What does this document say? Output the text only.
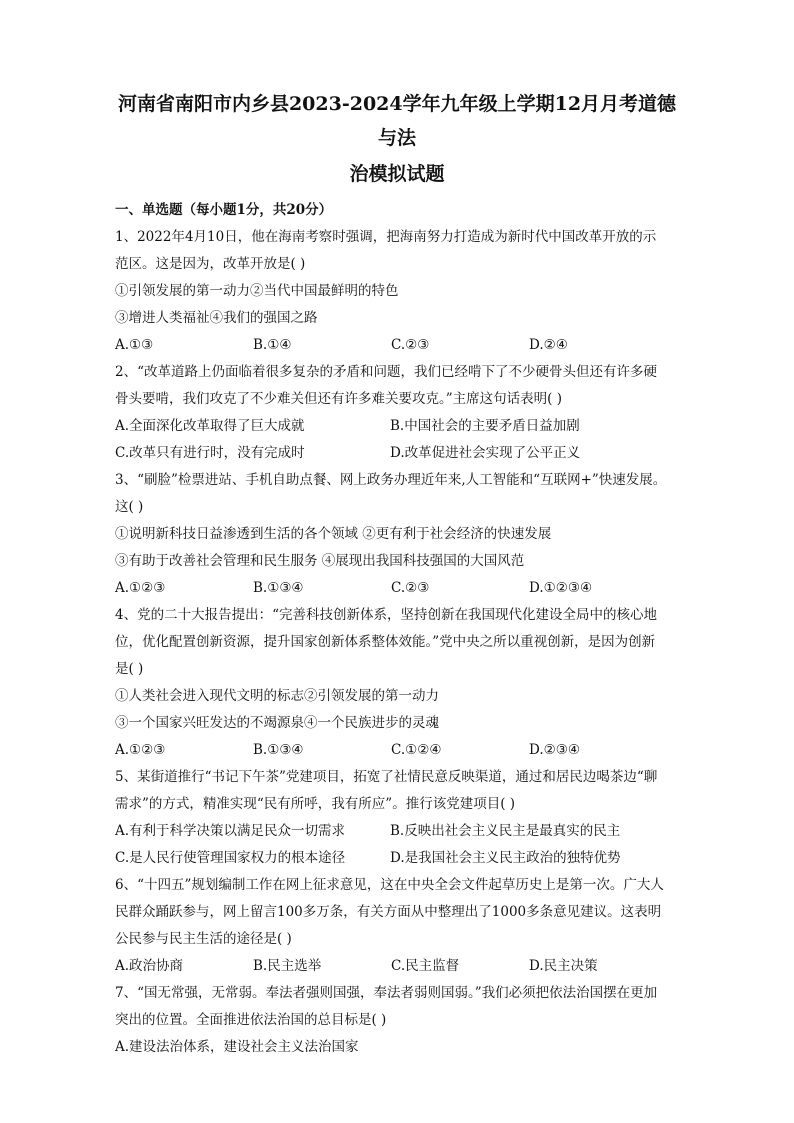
河南省南阳市内乡县2023-2024学年九年级上学期12月月考道德与法
治模拟试题
一、单选题（每小题1分，共20分）
1、2022年4月10日，他在海南考察时强调，把海南努力打造成为新时代中国改革开放的示
范区。这是因为，改革开放是( )
①引领发展的第一动力②当代中国最鲜明的特色
③增进人类福祉④我们的强国之路
A.①③	B.①④	C.②③	D.②④
2、“改革道路上仍面临着很多复杂的矛盾和问题，我们已经啃下了不少硬骨头但还有许多硬
骨头要啃，我们攻克了不少难关但还有许多难关要攻克。”主席这句话表明( )
A.全面深化改革取得了巨大成就	B.中国社会的主要矛盾日益加剧
C.改革只有进行时，没有完成时	D.改革促进社会实现了公平正义
3、“刷脸”检票进站、手机自助点餐、网上政务办理近年来,人工智能和“互联网+”快速发展。
这( )
①说明新科技日益渗透到生活的各个领域 ②更有利于社会经济的快速发展
③有助于改善社会管理和民生服务 ④展现出我国科技强国的大国风范
A.①②③	B.①③④	C.②③	D.①②③④
4、党的二十大报告提出：“完善科技创新体系，坚持创新在我国现代化建设全局中的核心地
位，优化配置创新资源，提升国家创新体系整体效能。”党中央之所以重视创新，是因为创新
是( )
①人类社会进入现代文明的标志②引领发展的第一动力
③一个国家兴旺发达的不竭源泉④一个民族进步的灵魂
A.①②③	B.①③④	C.①②④	D.②③④
5、某街道推行“书记下午茶”党建项目，拓宽了社情民意反映渠道，通过和居民边喝茶边“聊
需求”的方式，精准实现“民有所呼，我有所应”。推行该党建项目( )
A.有利于科学决策以满足民众一切需求	B.反映出社会主义民主是最真实的民主
C.是人民行使管理国家权力的根本途径	D.是我国社会主义民主政治的独特优势
6、“十四五”规划编制工作在网上征求意见，这在中央全会文件起草历史上是第一次。广大人
民群众踊跃参与，网上留言100多万条，有关方面从中整理出了1000多条意见建议。这表明
公民参与民主生活的途径是( )
A.政治协商	B.民主选举	C.民主监督	D.民主决策
7、“国无常强，无常弱。奉法者强则国强，奉法者弱则国弱。”我们必须把依法治国摆在更加
突出的位置。全面推进依法治国的总目标是( )
A.建设法治体系，建设社会主义法治国家
